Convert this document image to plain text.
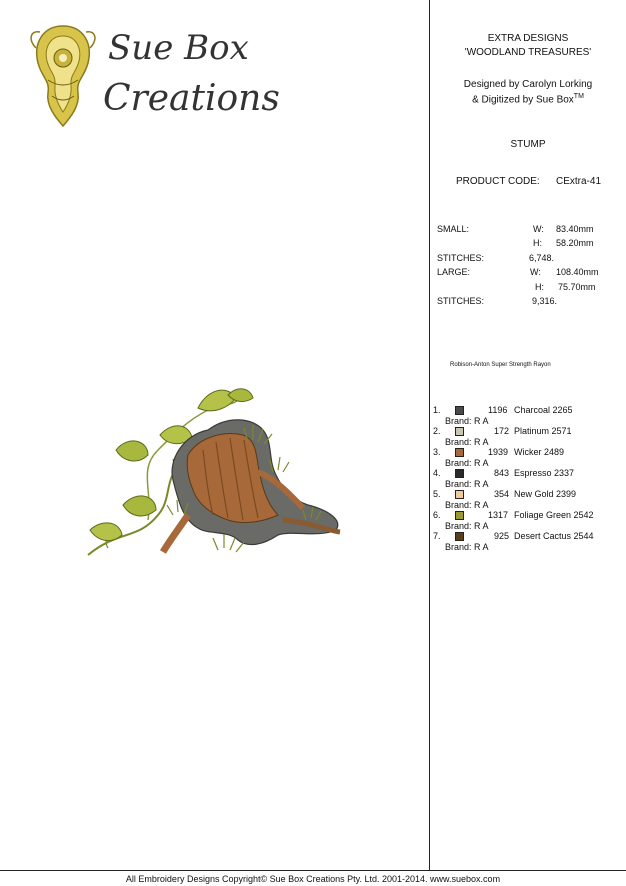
Sue Box
Creations
EXTRA DESIGNS
'WOODLAND TREASURES'
Designed by Carolyn Lorking
& Digitized by Sue Box™
STUMP
PRODUCT CODE: CExtra-41
SMALL:	W: 83.40mm
H: 58.20mm
STITCHES:	6,748.
LARGE:	W: 108.40mm
H: 75.70mm
STITCHES:	9,316.
Robison-Anton Super Strength Rayon
1.	1196 Charcoal 2265
Brand: R A
2.	172 Platinum 2571
Brand: R A
3.	1939 Wicker 2489
Brand: R A
4.	843 Espresso 2337
Brand: R A
5.	354 New Gold 2399
Brand: R A
6.	1317 Foliage Green 2542
Brand: R A
7.	925 Desert Cactus 2544
Brand: R A
All Embroidery Designs Copyright© Sue Box Creations Pty. Ltd. 2001-2014. www.suebox.com
